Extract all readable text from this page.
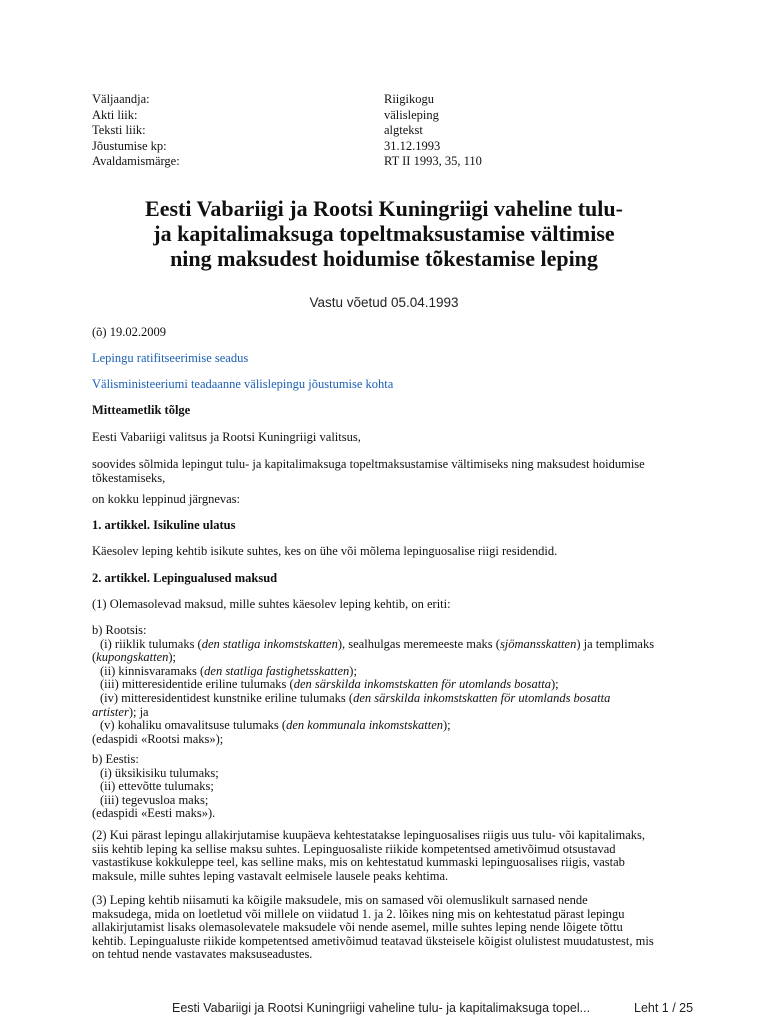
Väljaandja:	Riigikogu
Akti liik:	välisleping
Teksti liik:	algtekst
Jõustumise kp:	31.12.1993
Avaldamismärge:	RT II 1993, 35, 110
Eesti Vabariigi ja Rootsi Kuningriigi vaheline tulu-
ja kapitalimaksuga topeltmaksustamise vältimise
ning maksudest hoidumise tõkestamise leping
Vastu võetud 05.04.1993

(õ) 19.02.2009

Lepingu ratifitseerimise seadus

Välisministeeriumi teadaanne välislepingu jõustumise kohta

Mitteametlik tõlge

Eesti Vabariigi valitsus ja Rootsi Kuningriigi valitsus,

soovides sõlmida lepingut tulu- ja kapitalimaksuga topeltmaksustamise vältimiseks ning maksudest hoidumise
tõkestamiseks,

on kokku leppinud järgnevas:

1. artikkel. Isikuline ulatus

Käesolev leping kehtib isikute suhtes, kes on ühe või mõlema lepinguosalise riigi residendid.

2. artikkel. Lepingualused maksud

(1) Olemasolevad maksud, mille suhtes käesolev leping kehtib, on eriti:

b) Rootsis:
(i) riiklik tulumaks (den statliga inkomstskatten), sealhulgas meremeeste maks (sjömansskatten) ja templimaks
(kupongskatten);
(ii) kinnisvaramaks (den statliga fastighetsskatten);
(iii) mitteresidentide eriline tulumaks (den särskilda inkomstskatten för utomlands bosatta);
(iv) mitteresidentidest kunstnike eriline tulumaks (den särskilda inkomstskatten för utomlands bosatta
artister); ja
(v) kohaliku omavalitsuse tulumaks (den kommunala inkomstskatten);
(edaspidi «Rootsi maks»);

b) Eestis:
(i) üksikisiku tulumaks;
(ii) ettevõtte tulumaks;
(iii) tegevusloa maks;
(edaspidi «Eesti maks»).

(2) Kui pärast lepingu allakirjutamise kuupäeva kehtestatakse lepinguosalises riigis uus tulu- või kapitalimaks,
siis kehtib leping ka sellise maksu suhtes. Lepinguosaliste riikide kompetentsed ametivõimud otsustavad
vastastikuse kokkuleppe teel, kas selline maks, mis on kehtestatud kummaski lepinguosalises riigis, vastab
maksule, mille suhtes leping vastavalt eelmisele lausele peaks kehtima.

(3) Leping kehtib niisamuti ka kõigile maksudele, mis on samased või olemuslikult sarnased nende
maksudega, mida on loetletud või millele on viidatud 1. ja 2. lõikes ning mis on kehtestatud pärast lepingu
allakirjutamist lisaks olemasolevatele maksudele või nende asemel, mille suhtes leping nende lõigete tõttu
kehtib. Lepingualuste riikide kompetentsed ametivõimud teatavad üksteisele kõigist olulistest muudatustest, mis
on tehtud nende vastavates maksuseadustes.

Eesti Vabariigi ja Rootsi Kuningriigi vaheline tulu- ja kapitalimaksuga topel...	Leht 1 / 25
